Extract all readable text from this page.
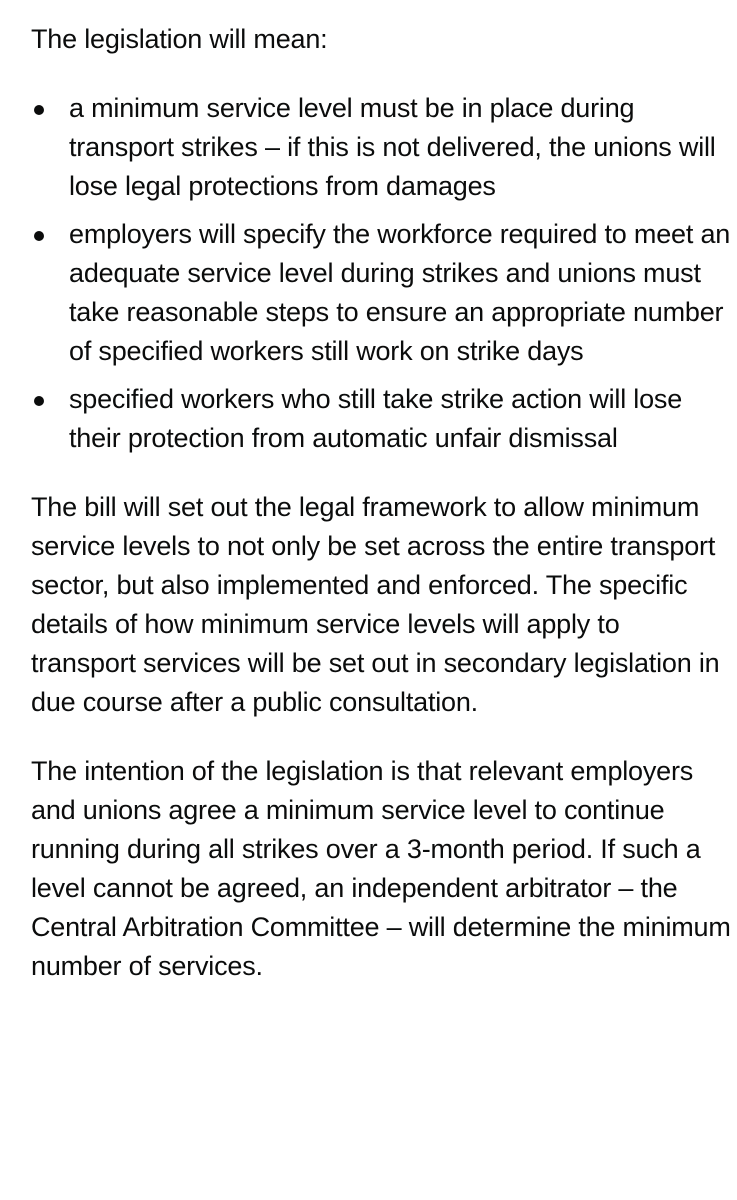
The legislation will mean:

a minimum service level must be in place during transport strikes – if this is not delivered, the unions will lose legal protections from damages
employers will specify the workforce required to meet an adequate service level during strikes and unions must take reasonable steps to ensure an appropriate number of specified workers still work on strike days
specified workers who still take strike action will lose their protection from automatic unfair dismissal

The bill will set out the legal framework to allow minimum service levels to not only be set across the entire transport sector, but also implemented and enforced. The specific details of how minimum service levels will apply to transport services will be set out in secondary legislation in due course after a public consultation.

The intention of the legislation is that relevant employers and unions agree a minimum service level to continue running during all strikes over a 3-month period. If such a level cannot be agreed, an independent arbitrator – the Central Arbitration Committee – will determine the minimum number of services.
